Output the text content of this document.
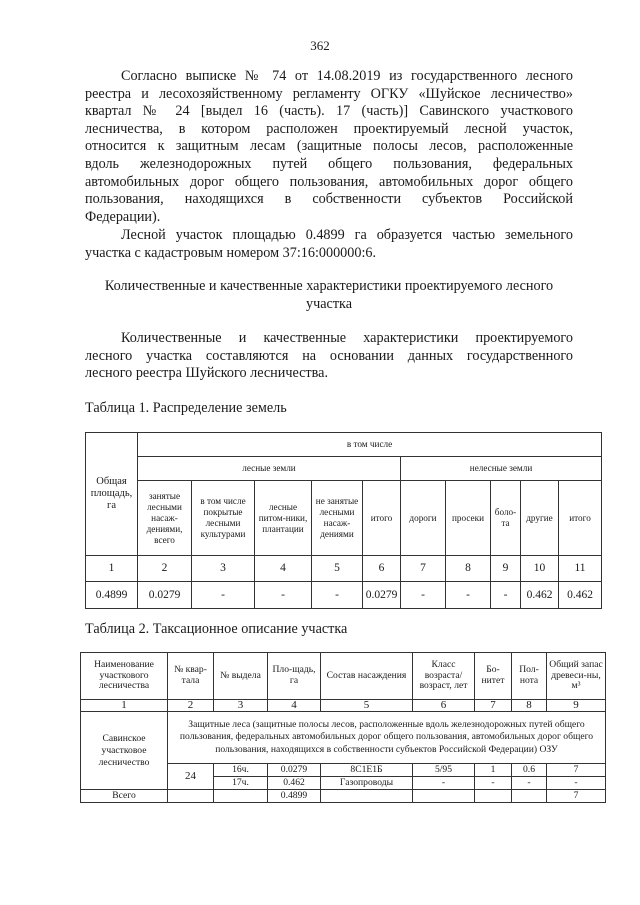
362
Согласно выписке № 74 от 14.08.2019 из государственного лесного
реестра и лесохозяйственному регламенту ОГКУ «Шуйское лесничество»
квартал № 24 [выдел 16 (часть). 17 (часть)] Савинского участкового
лесничества, в котором расположен проектируемый лесной участок,
относится к защитным лесам (защитные полосы лесов, расположенные
вдоль железнодорожных путей общего пользования, федеральных
автомобильных дорог общего пользования, автомобильных дорог общего
пользования, находящихся в собственности субъектов Российской
Федерации).
Лесной участок площадью 0.4899 га образуется частью земельного
участка с кадастровым номером 37:16:000000:6.
Количественные и качественные характеристики проектируемого лесного
участка
Количественные и качественные характеристики проектируемого
лесного участка составляются на основании данных государственного
лесного реестра Шуйского лесничества.
Таблица 1. Распределение земель
Общая площадь, га	в том числе									
	лесные земли					нелесные земли				
	занятые лесными насаж-дениями, всего	в том числе покрытые лесными культурами	лесные питом-ники, плантации	не занятые лесными насаж-дениями	итого	дороги	просеки	боло-та	другие	итого
1	2	3	4	5	6	7	8	9	10	11
0.4899	0.0279	-	-	-	0.0279	-	-	-	0.462	0.462
Таблица 2. Таксационное описание участка
Наименование участкового лесничества	№ квар-тала	№ выдела	Пло-щадь, га	Состав насаждения	Класс возраста/ возраст, лет	Бо-нитет	Пол-нота	Общий запас древеси-ны, м³
1	2	3	4	5	6	7	8	9
Савинское участковое лесничество	Защитные леса (защитные полосы лесов, расположенные вдоль железнодорожных путей общего пользования, федеральных автомобильных дорог общего пользования, автомобильных дорог общего пользования, находящихся в собственности субъектов Российской Федерации) ОЗУ							
	24	16ч.	0.0279	8С1Е1Б	5/95	1	0.6	7
		17ч.	0.462	Газопроводы	-	-	-	-
Всего			0.4899					7
